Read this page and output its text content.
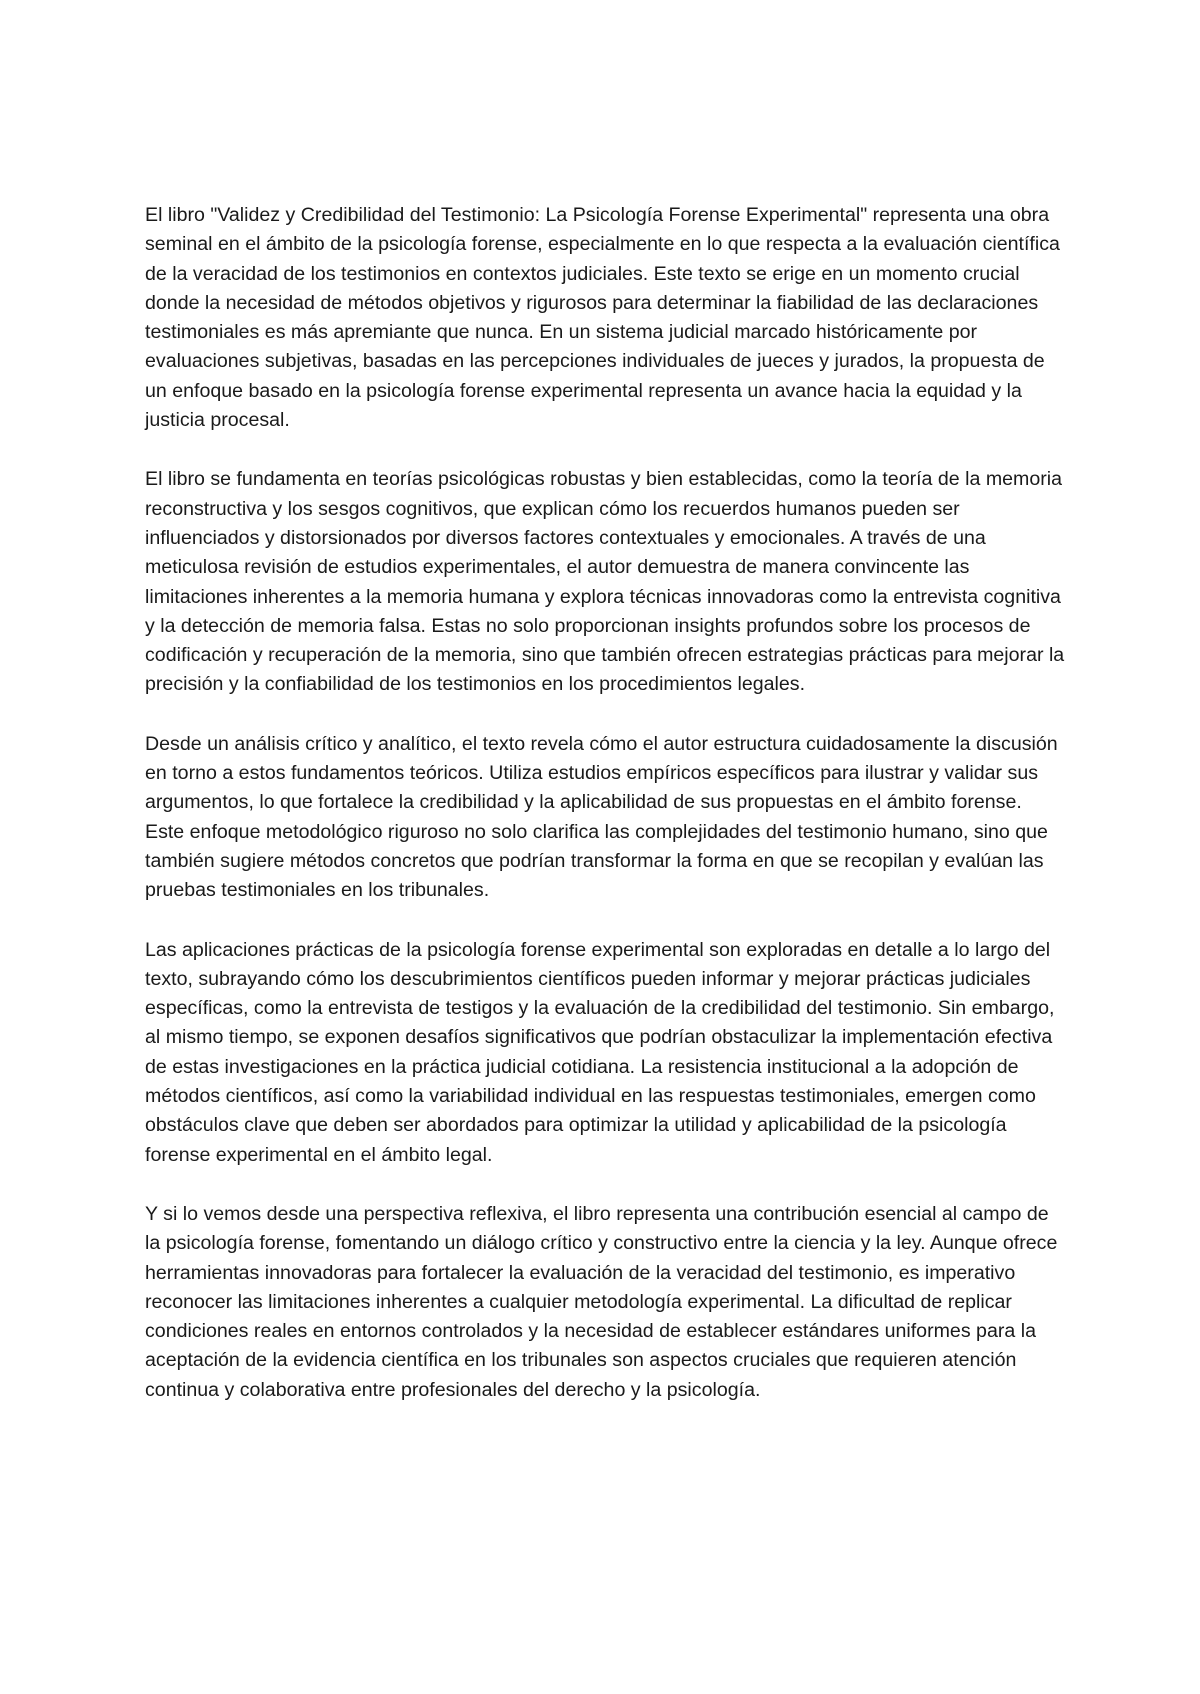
El libro "Validez y Credibilidad del Testimonio: La Psicología Forense Experimental" representa una obra seminal en el ámbito de la psicología forense, especialmente en lo que respecta a la evaluación científica de la veracidad de los testimonios en contextos judiciales. Este texto se erige en un momento crucial donde la necesidad de métodos objetivos y rigurosos para determinar la fiabilidad de las declaraciones testimoniales es más apremiante que nunca. En un sistema judicial marcado históricamente por evaluaciones subjetivas, basadas en las percepciones individuales de jueces y jurados, la propuesta de un enfoque basado en la psicología forense experimental representa un avance hacia la equidad y la justicia procesal.

El libro se fundamenta en teorías psicológicas robustas y bien establecidas, como la teoría de la memoria reconstructiva y los sesgos cognitivos, que explican cómo los recuerdos humanos pueden ser influenciados y distorsionados por diversos factores contextuales y emocionales. A través de una meticulosa revisión de estudios experimentales, el autor demuestra de manera convincente las limitaciones inherentes a la memoria humana y explora técnicas innovadoras como la entrevista cognitiva y la detección de memoria falsa. Estas no solo proporcionan insights profundos sobre los procesos de codificación y recuperación de la memoria, sino que también ofrecen estrategias prácticas para mejorar la precisión y la confiabilidad de los testimonios en los procedimientos legales.

Desde un análisis crítico y analítico, el texto revela cómo el autor estructura cuidadosamente la discusión en torno a estos fundamentos teóricos. Utiliza estudios empíricos específicos para ilustrar y validar sus argumentos, lo que fortalece la credibilidad y la aplicabilidad de sus propuestas en el ámbito forense. Este enfoque metodológico riguroso no solo clarifica las complejidades del testimonio humano, sino que también sugiere métodos concretos que podrían transformar la forma en que se recopilan y evalúan las pruebas testimoniales en los tribunales.

Las aplicaciones prácticas de la psicología forense experimental son exploradas en detalle a lo largo del texto, subrayando cómo los descubrimientos científicos pueden informar y mejorar prácticas judiciales específicas, como la entrevista de testigos y la evaluación de la credibilidad del testimonio. Sin embargo, al mismo tiempo, se exponen desafíos significativos que podrían obstaculizar la implementación efectiva de estas investigaciones en la práctica judicial cotidiana. La resistencia institucional a la adopción de métodos científicos, así como la variabilidad individual en las respuestas testimoniales, emergen como obstáculos clave que deben ser abordados para optimizar la utilidad y aplicabilidad de la psicología forense experimental en el ámbito legal.

Y si lo vemos desde una perspectiva reflexiva, el libro representa una contribución esencial al campo de la psicología forense, fomentando un diálogo crítico y constructivo entre la ciencia y la ley. Aunque ofrece herramientas innovadoras para fortalecer la evaluación de la veracidad del testimonio, es imperativo reconocer las limitaciones inherentes a cualquier metodología experimental. La dificultad de replicar condiciones reales en entornos controlados y la necesidad de establecer estándares uniformes para la aceptación de la evidencia científica en los tribunales son aspectos cruciales que requieren atención continua y colaborativa entre profesionales del derecho y la psicología.
